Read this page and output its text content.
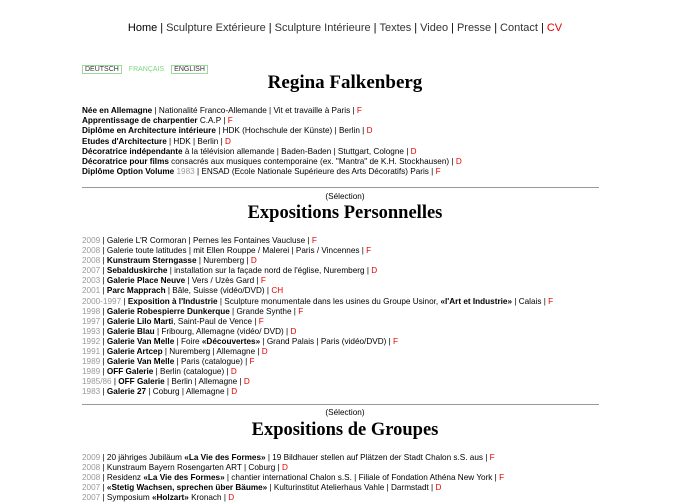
Home | Sculpture Extérieure | Sculpture Intérieure | Textes | Video | Presse | Contact | CV
DEUTSCH FRANÇAIS ENGLISH
Regina Falkenberg
Née en Allemagne | Nationalité Franco-Allemande | Vit et travaille à Paris | F
Apprentissage de charpentier C.A.P | F
Diplôme en Architecture intérieure | HDK (Hochschule der Künste) | Berlin | D
Etudes d'Architecture | HDK | Berlin | D
Décoratrice indépendante à la télévision allemande | Baden-Baden | Stuttgart, Cologne | D
Décoratrice pour films consacrés aux musiques contemporaine (ex. "Mantra" de K.H. Stockhausen) | D
Diplôme Option Volume 1983 | ENSAD (Ecole Nationale Supérieure des Arts Décoratifs) Paris | F
(Sélection)
Expositions Personnelles
2009 | Galerie L'R Cormoran | Pernes les Fontaines Vaucluse | F
2008 | Galerie toute latitudes | mit Ellen Rouppe / Malerei | Paris / Vincennes | F
2008 | Kunstraum Sterngasse | Nuremberg | D
2007 | Sebalduskirche | installation sur la façade nord de l'église, Nuremberg | D
2003 | Galerie Place Neuve | Vers / Uzès Gard | F
2001 | Parc Mapprach | Bâle, Suisse (vidéo/DVD) | CH
2000-1997 | Exposition à l'Industrie | Sculpture monumentale dans les usines du Groupe Usinor, «l'Art et Industrie» | Calais | F
1998 | Galerie Robespierre Dunkerque | Grande Synthe | F
1997 | Galerie Lilo Marti, Saint-Paul de Vence | F
1993 | Galerie Blau | Fribourg, Allemagne (vidéo/ DVD) | D
1992 | Galerie Van Melle | Foire «Découvertes» | Grand Palais | Paris (vidéo/DVD) | F
1991 | Galerie Artcep | Nuremberg | Allemagne | D
1989 | Galerie Van Melle | Paris (catalogue) | F
1989 | OFF Galerie | Berlin (catalogue) | D
1985/86 | OFF Galerie | Berlin | Allemagne | D
1983 | Galerie 27 | Coburg | Allemagne | D
(Sélection)
Expositions de Groupes
2009 | 20 jähriges Jubiläum «La Vie des Formes» | 19 Bildhauer stellen auf Plätzen der Stadt Chalon s.S. aus | F
2008 | Kunstraum Bayern Rosengarten ART | Coburg | D
2008 | Residenz «La Vie des Formes» | chantier international Chalon s.S. | Filiale of Fondation Athéna New York | F
2007 | «Stetig Wachsen, sprechen über Bäume» | Kulturinstitut Atelierhaus Vahle | Darmstadt | D
2007 | Symposium «Holzart» Kronach | D
